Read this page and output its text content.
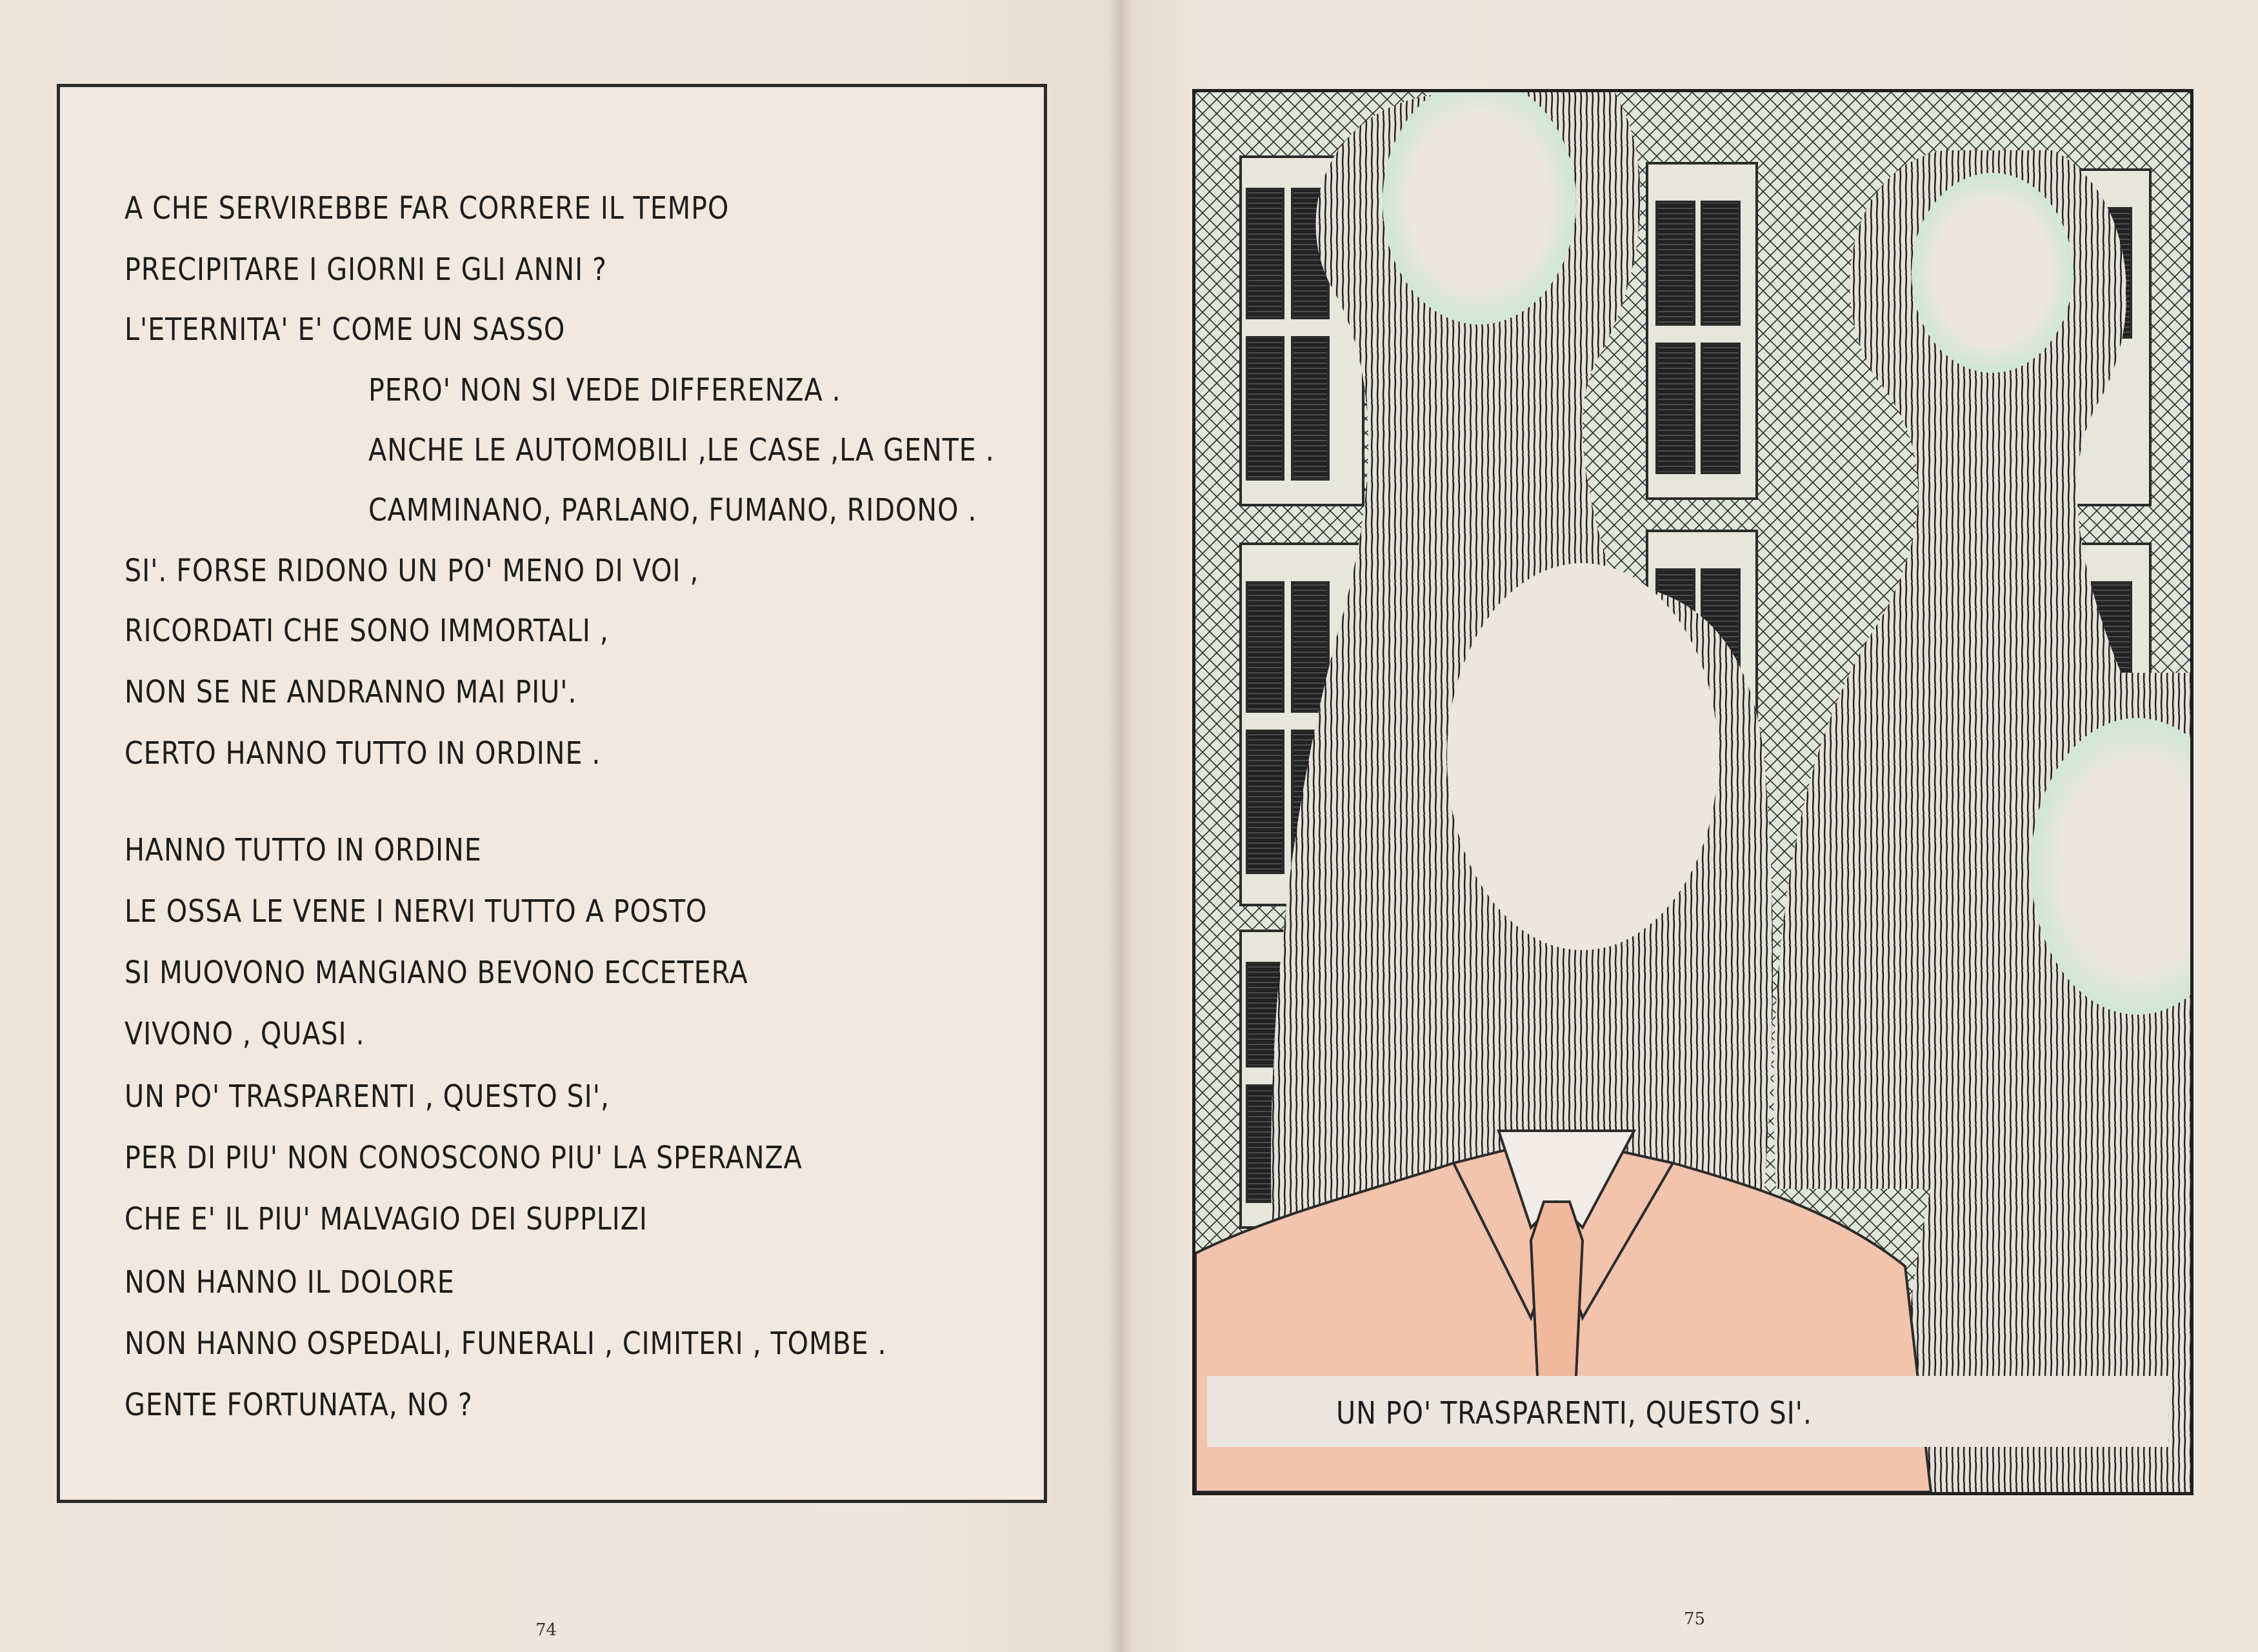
A CHE SERVIREBBE FAR CORRERE IL TEMPO
PRECIPITARE I GIORNI E GLI ANNI ?
L'ETERNITA' E' COME UN SASSO
PERO' NON SI VEDE DIFFERENZA .
ANCHE LE AUTOMOBILI ,LE CASE ,LA GENTE .
CAMMINANO, PARLANO, FUMANO, RIDONO .
SI'. FORSE RIDONO UN PO' MENO DI VOI ,
RICORDATI CHE SONO IMMORTALI ,
NON SE NE ANDRANNO MAI PIU'.
CERTO HANNO TUTTO IN ORDINE .
HANNO TUTTO IN ORDINE
LE OSSA LE VENE I NERVI TUTTO A POSTO
SI MUOVONO MANGIANO BEVONO ECCETERA
VIVONO , QUASI .
UN PO' TRASPARENTI , QUESTO SI',
PER DI PIU' NON CONOSCONO PIU' LA SPERANZA
CHE E' IL PIU' MALVAGIO DEI SUPPLIZI
NON HANNO IL DOLORE
NON HANNO OSPEDALI, FUNERALI , CIMITERI , TOMBE .
GENTE FORTUNATA, NO ?
74
UN PO' TRASPARENTI, QUESTO SI'.
75
